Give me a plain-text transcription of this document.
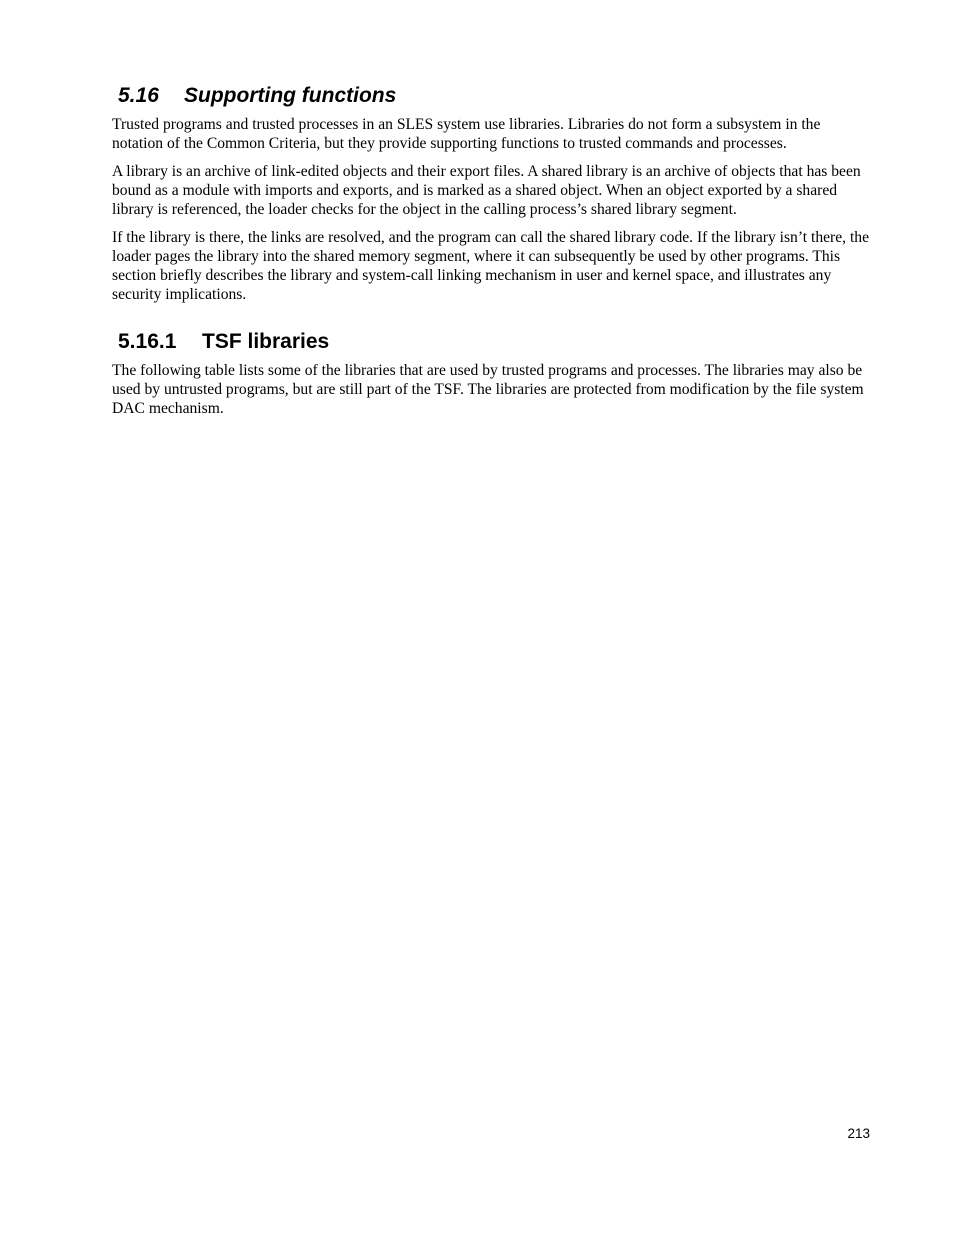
5.16 Supporting functions

Trusted programs and trusted processes in an SLES system use libraries. Libraries do not form a subsystem in the notation of the Common Criteria, but they provide supporting functions to trusted commands and processes.

A library is an archive of link-edited objects and their export files. A shared library is an archive of objects that has been bound as a module with imports and exports, and is marked as a shared object. When an object exported by a shared library is referenced, the loader checks for the object in the calling process’s shared library segment.

If the library is there, the links are resolved, and the program can call the shared library code. If the library isn’t there, the loader pages the library into the shared memory segment, where it can subsequently be used by other programs. This section briefly describes the library and system-call linking mechanism in user and kernel space, and illustrates any security implications.

5.16.1 TSF libraries

The following table lists some of the libraries that are used by trusted programs and processes. The libraries may also be used by untrusted programs, but are still part of the TSF. The libraries are protected from modification by the file system DAC mechanism.

213
